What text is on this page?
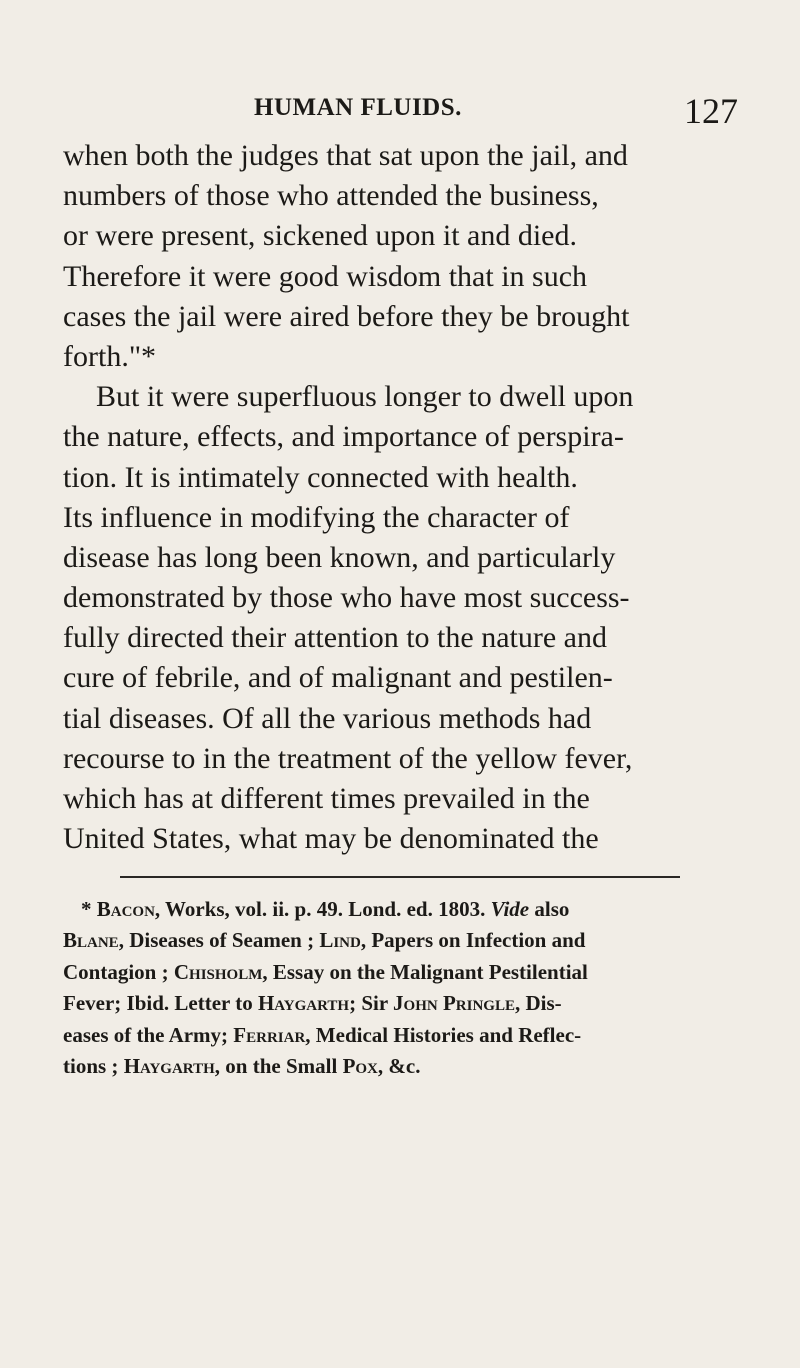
HUMAN FLUIDS.	127
when both the judges that sat upon the jail, and
numbers of those who attended the business,
or were present, sickened upon it and died.
Therefore it were good wisdom that in such
cases the jail were aired before they be brought
forth."*
But it were superfluous longer to dwell upon
the nature, effects, and importance of perspira-
tion. It is intimately connected with health.
Its influence in modifying the character of
disease has long been known, and particularly
demonstrated by those who have most success-
fully directed their attention to the nature and
cure of febrile, and of malignant and pestilen-
tial diseases. Of all the various methods had
recourse to in the treatment of the yellow fever,
which has at different times prevailed in the
United States, what may be denominated the
* Bacon, Works, vol. ii. p. 49. Lond. ed. 1803. Vide also
Blane, Diseases of Seamen ; Lind, Papers on Infection and
Contagion ; Chisholm, Essay on the Malignant Pestilential
Fever; Ibid. Letter to Haygarth; Sir John Pringle, Dis-
eases of the Army; Ferriar, Medical Histories and Reflec-
tions ; Haygarth, on the Small Pox, &c.
